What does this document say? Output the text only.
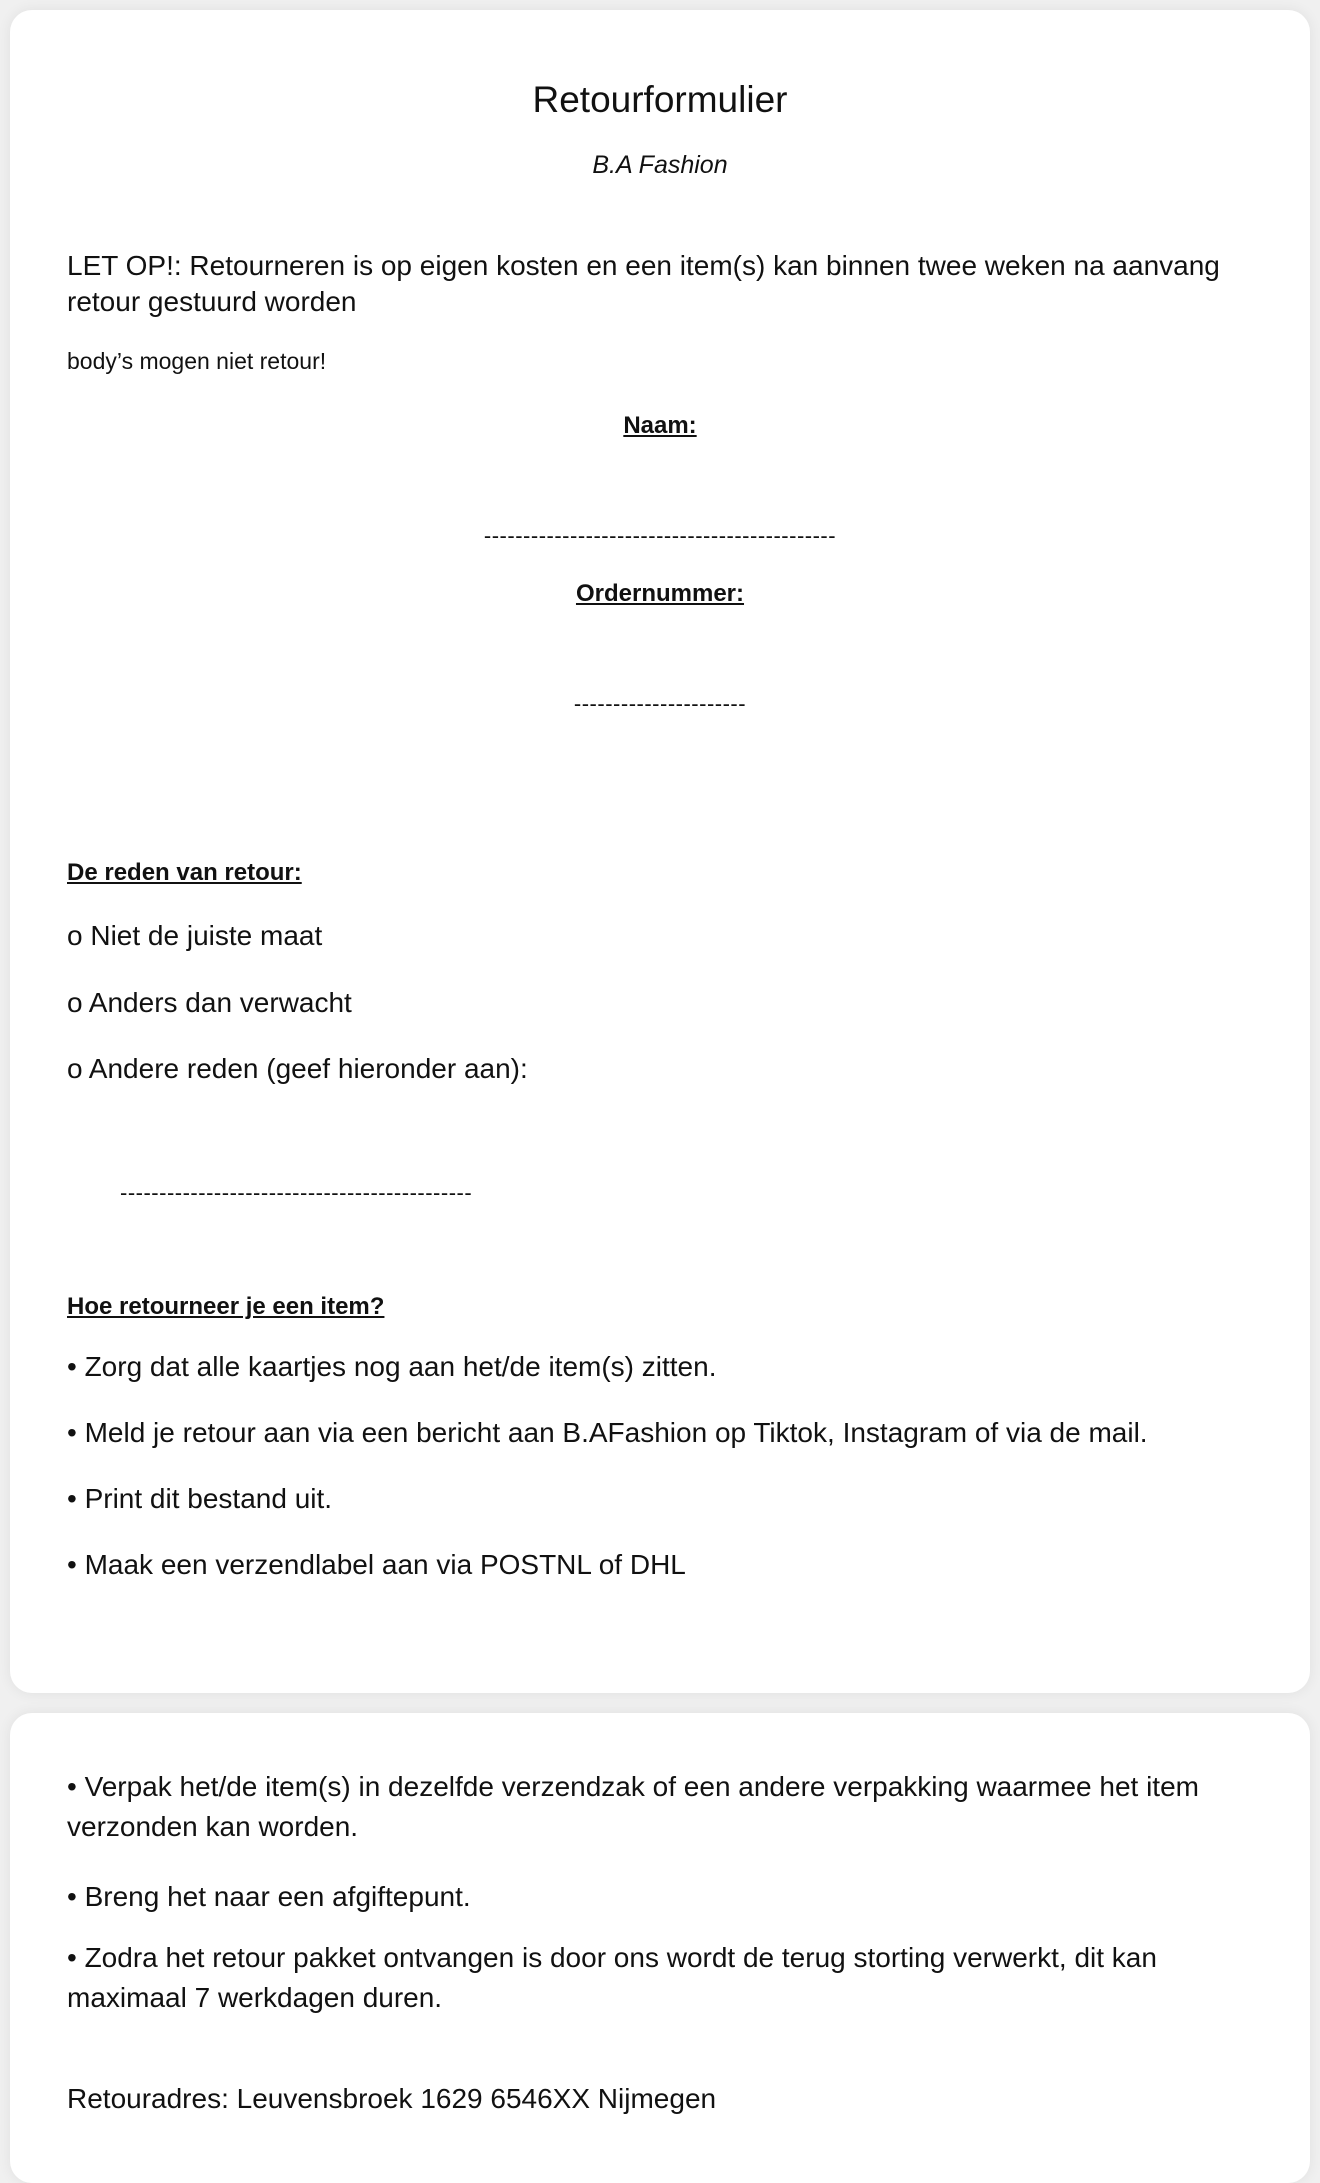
Retourformulier
B.A Fashion
LET OP!: Retourneren is op eigen kosten en een item(s) kan binnen twee weken na aanvang retour gestuurd worden

body’s mogen niet retour!

Naam:
---------------------------------------------
Ordernummer:
----------------------

De reden van retour:

o Niet de juiste maat

o Anders dan verwacht

o Andere reden (geef hieronder aan):

---------------------------------------------

Hoe retourneer je een item?

• Zorg dat alle kaartjes nog aan het/de item(s) zitten.

• Meld je retour aan via een bericht aan B.AFashion op Tiktok, Instagram of via de mail.

• Print dit bestand uit.

• Maak een verzendlabel aan via POSTNL of DHL

• Verpak het/de item(s) in dezelfde verzendzak of een andere verpakking waarmee het item verzonden kan worden.

• Breng het naar een afgiftepunt.

• Zodra het retour pakket ontvangen is door ons wordt de terug storting verwerkt, dit kan maximaal 7 werkdagen duren.

Retouradres: Leuvensbroek 1629 6546XX Nijmegen
